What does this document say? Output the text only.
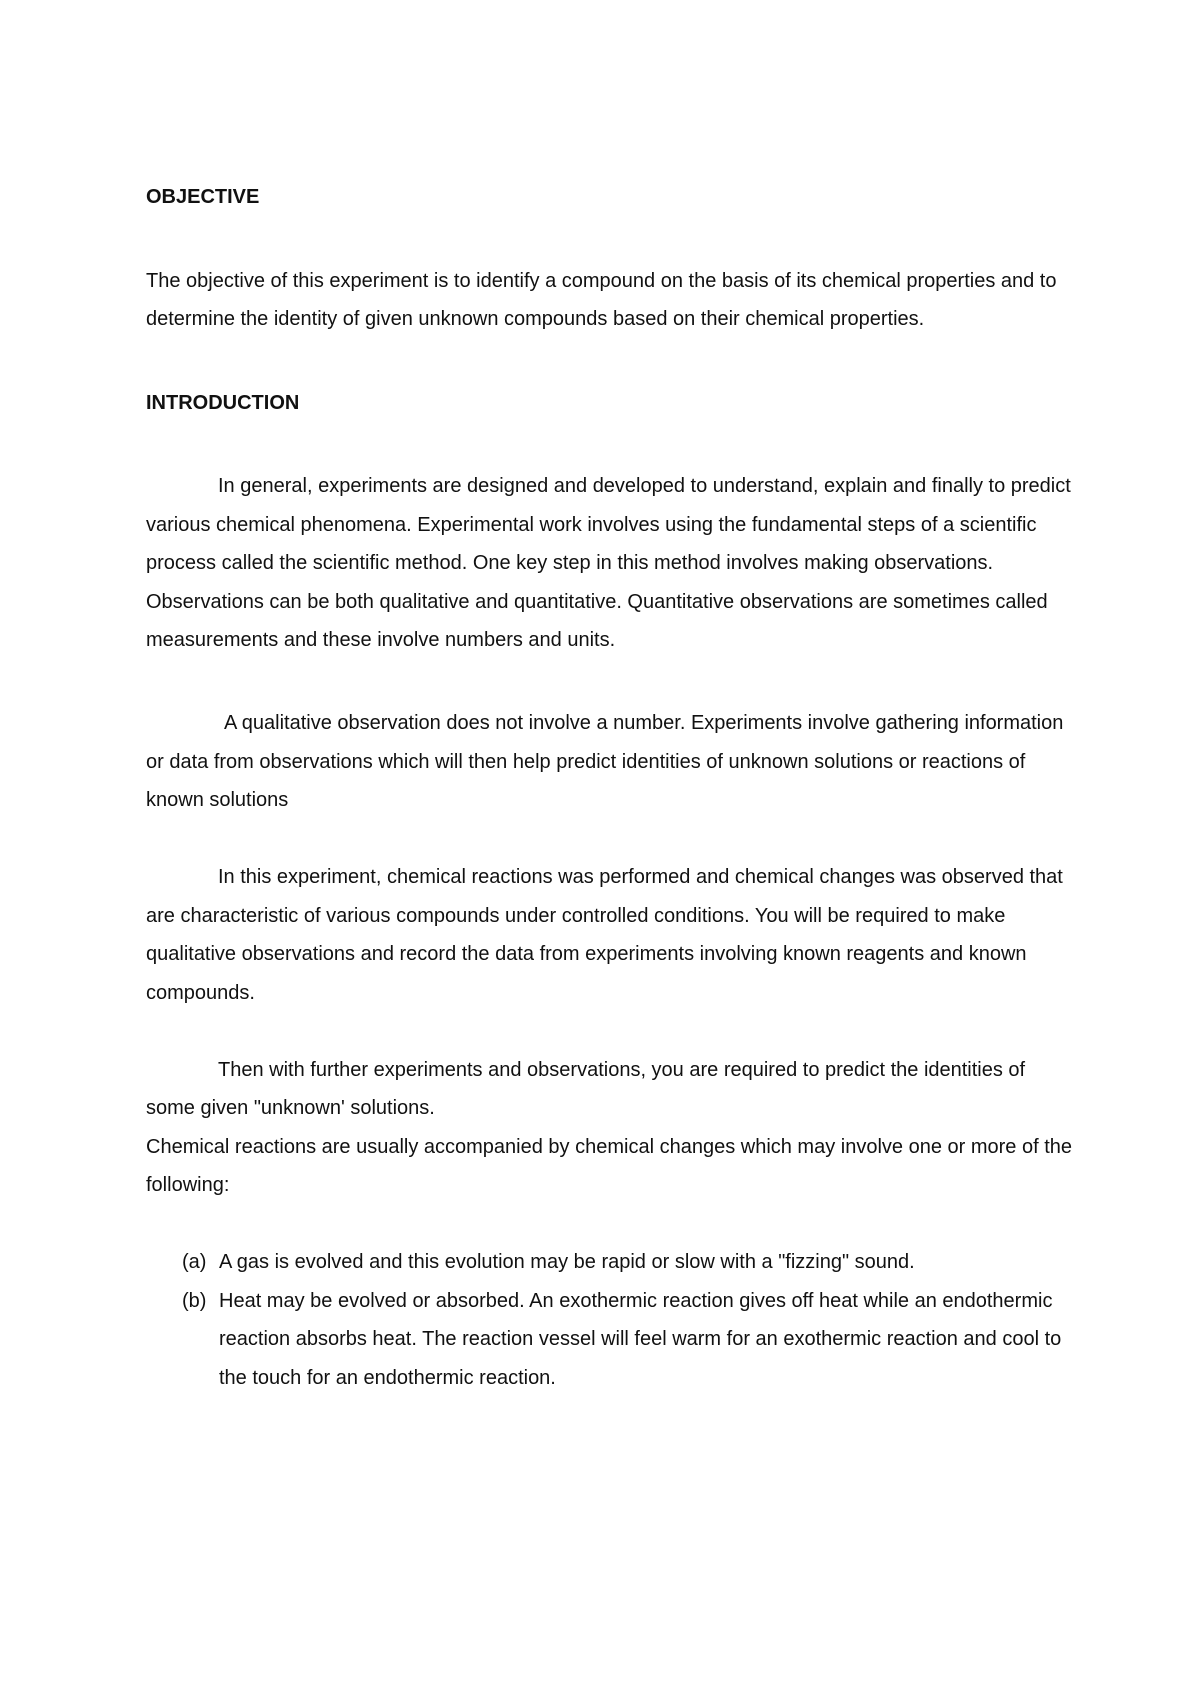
OBJECTIVE

The objective of this experiment is to identify a compound on the basis of its chemical properties and to determine the identity of given unknown compounds based on their chemical properties.

INTRODUCTION

In general, experiments are designed and developed to understand, explain and finally to predict various chemical phenomena. Experimental work involves using the fundamental steps of a scientific process called the scientific method. One key step in this method involves making observations. Observations can be both qualitative and quantitative. Quantitative observations are sometimes called measurements and these involve numbers and units.

A qualitative observation does not involve a number. Experiments involve gathering information or data from observations which will then help predict identities of unknown solutions or reactions of known solutions

In this experiment, chemical reactions was performed and chemical changes was observed that are characteristic of various compounds under controlled conditions. You will be required to make qualitative observations and record the data from experiments involving known reagents and known compounds.

Then with further experiments and observations, you are required to predict the identities of some given "unknown' solutions.

Chemical reactions are usually accompanied by chemical changes which may involve one or more of the following:

(a) A gas is evolved and this evolution may be rapid or slow with a "fizzing" sound.
(b) Heat may be evolved or absorbed. An exothermic reaction gives off heat while an endothermic reaction absorbs heat. The reaction vessel will feel warm for an exothermic reaction and cool to the touch for an endothermic reaction.
